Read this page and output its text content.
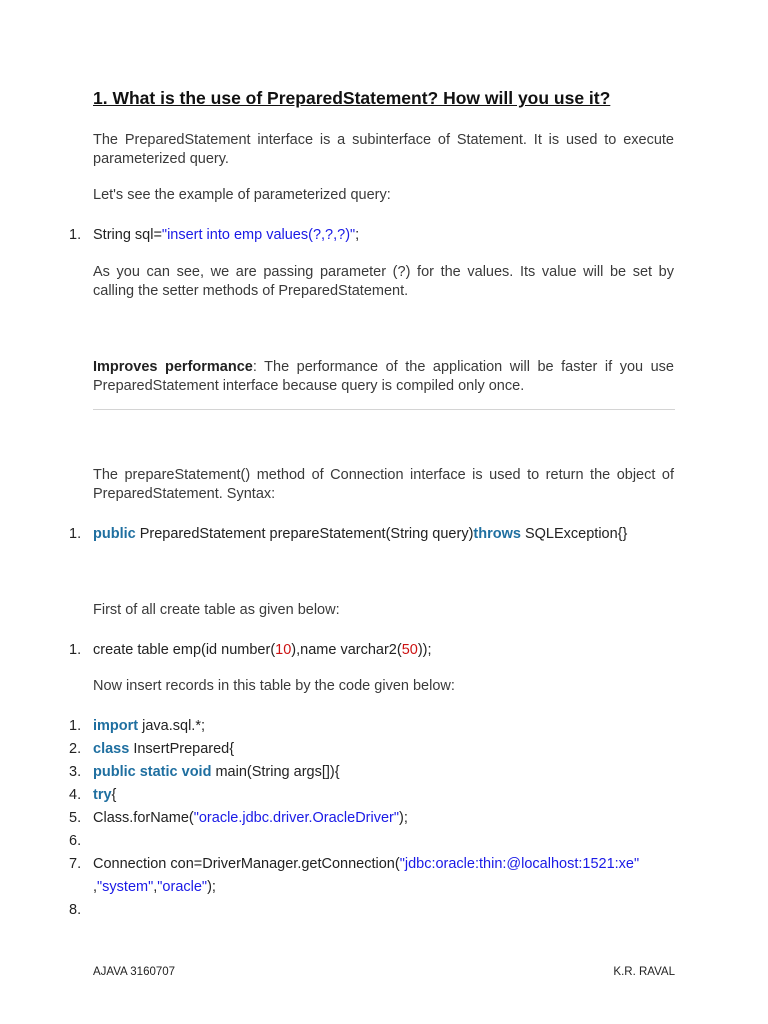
1. What is the use of PreparedStatement? How will you use it?

The PreparedStatement interface is a subinterface of Statement. It is used to execute parameterized query.

Let's see the example of parameterized query:

1. String sql="insert into emp values(?,?,?)";

As you can see, we are passing parameter (?) for the values. Its value will be set by calling the setter methods of PreparedStatement.

Improves performance: The performance of the application will be faster if you use PreparedStatement interface because query is compiled only once.

The prepareStatement() method of Connection interface is used to return the object of PreparedStatement. Syntax:

1. public PreparedStatement prepareStatement(String query)throws SQLException{}

First of all create table as given below:

1. create table emp(id number(10),name varchar2(50));

Now insert records in this table by the code given below:

1. import java.sql.*;
2. class InsertPrepared{
3. public static void main(String args[]){
4. try{
5. Class.forName("oracle.jdbc.driver.OracleDriver");
6.
7. Connection con=DriverManager.getConnection("jdbc:oracle:thin:@localhost:1521:xe"
,"system","oracle");
8.
AJAVA 3160707	K.R. RAVAL
